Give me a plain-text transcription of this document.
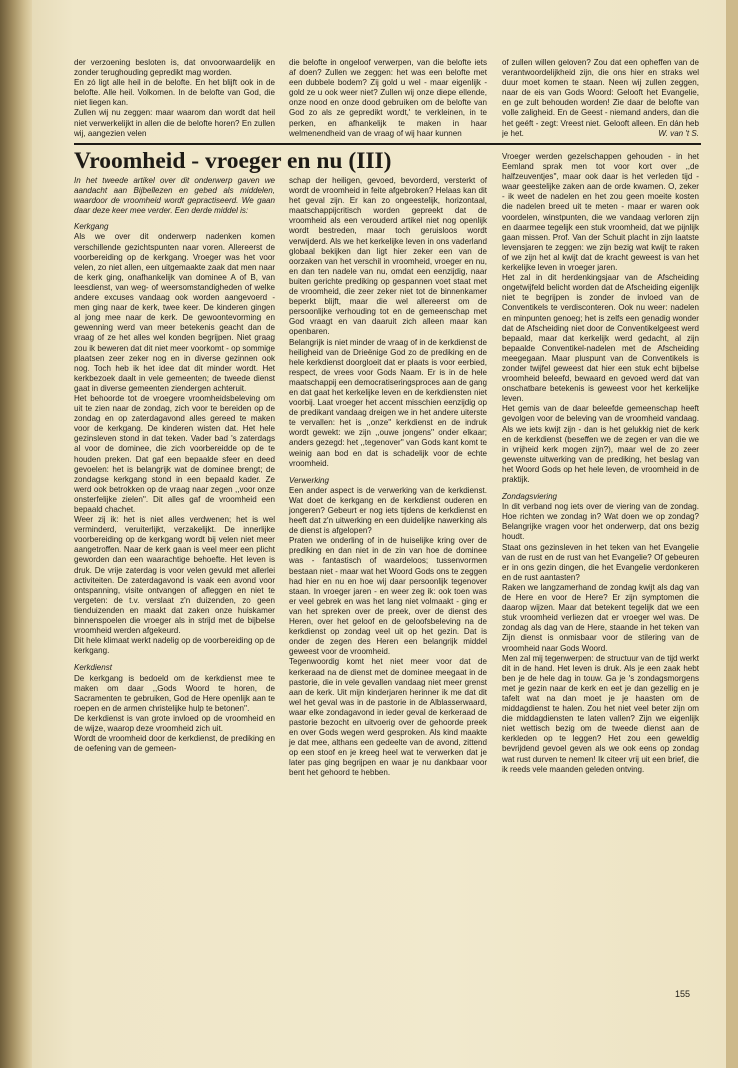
der verzoening besloten is, dat onvoorwaardelijk en zonder terughouding gepredikt mag worden.

En zó ligt alle heil in de belofte. En het blijft ook in de belofte. Alle heil. Volkomen. In de belofte van God, die niet liegen kan.

Zullen wij nu zeggen: maar waarom dan wordt dat heil niet verwerkelijkt in allen die de belofte horen? En zullen wij, aangezien velen

die belofte in ongeloof verwerpen, van die belofte iets af doen? Zullen we zeggen: het was een belofte met een dubbele bodem? Zij gold u wel - maar eigenlijk - gold ze u ook weer niet? Zullen wij onze diepe ellende, onze nood en onze dood gebruiken om de belofte van God zo als ze gepredikt wordt,' te verkleinen, in te perken, en afhankelijk te maken in haar welmenendheid van de vraag of wij haar kunnen

of zullen willen geloven? Zou dat een opheffen van de verantwoordelijkheid zijn, die ons hier en straks wel duur moet komen te staan. Neen wij zullen zeggen, naar de eis van Gods Woord: Gelooft het Evangelie, en ge zult behouden worden! Zie daar de belofte van volle zaligheid. En de Geest - niemand anders, dan die het geéft - zegt: Vreest niet. Gelooft alleen. En dán heb je het.	W. van 't S.

Vroomheid - vroeger en nu (III)

In het tweede artikel over dit onderwerp gaven we aandacht aan Bijbellezen en gebed als middelen, waardoor de vroomheid wordt gepractiseerd. We gaan daar deze keer mee verder. Een derde middel is:

Kerkgang

Als we over dit onderwerp nadenken komen verschillende gezichtspunten naar voren. Allereerst de voorbereiding op de kerkgang. Vroeger was het voor velen, zo niet allen, een uitgemaakte zaak dat men naar de kerk ging, onafhankelijk van dominee A of B, van leesdienst, van weg- of weersomstandigheden of welke andere excuses vandaag ook worden aangevoerd - men ging naar de kerk, twee keer. De kinderen gingen al jong mee naar de kerk. De gewoontevorming en gewenning werd van meer betekenis geacht dan de vraag of ze het alles wel konden begrijpen. Niet graag zou ik beweren dat dit niet meer voorkomt - op sommige plaatsen zeer zeker nog en in diverse gezinnen ook nog. Toch heb ik het idee dat dit minder wordt. Het kerkbezoek daalt in vele gemeenten; de tweede dienst gaat in diverse gemeenten ziendergen achteruit.

Het behoorde tot de vroegere vroomheidsbeleving om uit te zien naar de zondag, zich voor te bereiden op de zondag en op zaterdagavond alles gereed te maken voor de kerkgang. De kinderen wisten dat. Het hele gezinsleven stond in dat teken. Vader bad 's zaterdags al voor de dominee, die zich voorbereidde op de te houden preken. Dat gaf een bepaalde sfeer en deed gevoelen: het is belangrijk wat de dominee brengt; de zondagse kerkgang stond in een bepaald kader. Ze werd ook betrokken op de vraag naar zegen ,,voor onze onsterfelijke zielen''. Dit alles gaf de vroomheid een bepaald chachet.

Weer zij ik: het is niet alles verdwenen; het is wel verminderd, veruiterlijkt, verzakelijkt. De innerlijke voorbereiding op de kerkgang wordt bij velen niet meer aangetroffen. Naar de kerk gaan is veel meer een plicht geworden dan een waarachtige behoefte. Het leven is druk. De vrije zaterdag is voor velen gevuld met allerlei activiteiten. De zaterdagavond is vaak een avond voor ontspanning, visite ontvangen of afleggen en niet te vergeten: de t.v. verslaat z'n duizenden, zo geen tienduizenden en maakt dat zaken onze huiskamer binnenspoelen die vroeger als in strijd met de bijbelse vroomheid werden afgekeurd.

Dit hele klimaat werkt nadelig op de voorbereiding op de kerkgang.

Kerkdienst

De kerkgang is bedoeld om de kerkdienst mee te maken om daar ,,Gods Woord te horen, de Sacramenten te gebruiken, God de Here openlijk aan te roepen en de armen christelijke hulp te betonen''.

De kerkdienst is van grote invloed op de vroomheid en de wijze, waarop deze vroomheid zich uit.

Wordt de vroomheid door de kerkdienst, de prediking en de oefening van de gemeen-

schap der heiligen, gevoed, bevorderd, versterkt of wordt de vroomheid in feite afgebroken? Helaas kan dit het geval zijn. Er kan zo ongeestelijk, horizontaal, maatschappijcritisch worden gepreekt dat de vroomheid als een verouderd artikel niet nog openlijk wordt bestreden, maar toch geruisloos wordt verwijderd. Als we het kerkelijke leven in ons vaderland globaal bekijken dan ligt hier zeker een van de oorzaken van het verschil in vroomheid, vroeger en nu, en dan ten nadele van nu, omdat een eenzijdig, naar buiten gerichte prediking op gespannen voet staat met de vroomheid, die zeer zeker niet tot de binnenkamer beperkt blijft, maar die wel allereerst om de persoonlijke verhouding tot en de gemeenschap met God vraagt en van daaruit zich alleen maar kan openbaren.

Belangrijk is niet minder de vraag of in de kerkdienst de heiligheid van de Drieënige God zo de prediking en de hele kerkdienst doorgloeit dat er plaats is voor eerbied, respect, de vrees voor Gods Naam. Er is in de hele maatschappij een democratiseringsproces aan de gang en dat gaat het kerkelijke leven en de kerkdiensten niet voorbij. Laat vroeger het accent misschien eenzijdig op de predikant vandaag dreigen we in het andere uiterste te vervallen: het is ,,onze'' kerkdienst en de indruk wordt gewekt: we zijn ,,ouwe jongens'' onder elkaar; anders gezegd: het ,,tegenover'' van Gods kant komt te weinig aan bod en dat is schadelijk voor de echte vroomheid.

Verwerking

Een ander aspect is de verwerking van de kerkdienst. Wat doet de kerkgang en de kerkdienst ouderen en jongeren? Gebeurt er nog iets tijdens de kerkdienst en heeft dat z'n uitwerking en een duidelijke nawerking als de dienst is afgelopen?

Praten we onderling of in de huiselijke kring over de prediking en dan niet in de zin van hoe de dominee was - fantastisch of waardeloos; tussenvormen bestaan niet - maar wat het Woord Gods ons te zeggen had hier en nu en hoe wij daar persoonlijk tegenover staan. In vroeger jaren - en weer zeg ik: ook toen was er veel gebrek en was het lang niet volmaakt - ging er van het spreken over de preek, over de dienst des Heren, over het geloof en de geloofsbeleving na de kerkdienst op zondag veel uit op het gezin. Dat is onder de zegen des Heren een belangrijk middel geweest voor de vroomheid.

Tegenwoordig komt het niet meer voor dat de kerkeraad na de dienst met de dominee meegaat in de pastorie, die in vele gevallen vandaag niet meer grenst aan de kerk. Uit mijn kinderjaren herinner ik me dat dit wel het geval was in de pastorie in de Alblasserwaard, waar elke zondagavond in ieder geval de kerkeraad de pastorie bezocht en uitvoerig over de gehoorde preek en over Gods wegen werd gesproken. Als kind maakte je dat mee, althans een gedeelte van de avond, zittend op een stoof en je kreeg heel wat te verwerken dat je later pas ging begrijpen en waar je nu dankbaar voor bent het gehoord te hebben.

Vroeger werden gezelschappen gehouden - in het Eemland sprak men tot voor kort over ,,de halfzeuventjes'', maar ook daar is het verleden tijd - waar geestelijke zaken aan de orde kwamen. O, zeker - ik weet de nadelen en het zou geen moeite kosten die nadelen breed uit te meten - maar er waren ook voordelen, winstpunten, die we vandaag verloren zijn en daarmee tegelijk een stuk vroomheid, dat we pijnlijk gaan missen. Prof. Van der Schuit placht in zijn laatste levensjaren te zeggen: we zijn bezig wat kwijt te raken of we zijn het al kwijt dat de kracht geweest is van het kerkelijke leven in vroeger jaren.

Het zal in dit herdenkingsjaar van de Afscheiding ongetwijfeld belicht worden dat de Afscheiding eigenlijk niet te begrijpen is zonder de invloed van de Conventikels te verdisconteren. Ook nu weer: nadelen en minpunten genoeg; het is zelfs een genadig wonder dat de Afscheiding niet door de Conventikelgeest werd bepaald, maar dat kerkelijk werd gedacht, al zijn bepaalde Conventikel-nadelen met de Afscheiding meegegaan. Maar pluspunt van de Conventikels is zonder twijfel geweest dat hier een stuk echt bijbelse vroomheid beleefd, bewaard en gevoed werd dat van onschatbare betekenis is geweest voor het kerkelijke leven.

Het gemis van de daar beleefde gemeenschap heeft gevolgen voor de beleving van de vroomheid vandaag. Als we iets kwijt zijn - dan is het gelukkig niet de kerk en de kerkdienst (beseffen we de zegen er van die we in vrijheid kerk mogen zijn?), maar wel de zo zeer gewenste uitwerking van de prediking, het beslag van het Woord Gods op het hele leven, de vroomheid in de praktijk.

Zondagsviering

In dit verband nog iets over de viering van de zondag. Hoe richten we zondag in? Wat doen we op zondag? Belangrijke vragen voor het onderwerp, dat ons bezig houdt.

Staat ons gezinsleven in het teken van het Evangelie van de rust en de rust van het Evangelie? Of gebeuren er in ons gezin dingen, die het Evangelie verdonkeren en de rust aantasten?

Raken we langzamerhand de zondag kwijt als dag van de Here en voor de Here? Er zijn symptomen die daarop wijzen. Maar dat betekent tegelijk dat we een stuk vroomheid verliezen dat er vroeger wel was. De zondag als dag van de Here, staande in het teken van Zijn dienst is onmisbaar voor de stilering van de vroomheid naar Gods Woord.

Men zal mij tegenwerpen: de structuur van de tijd werkt dit in de hand. Het leven is druk. Als je een zaak hebt ben je de hele dag in touw. Ga je 's zondagsmorgens met je gezin naar de kerk en eet je dan gezellig en je tafelt wat na dan moet je je haasten om de middagdienst te halen. Zou het niet veel beter zijn om die middagdiensten te laten vallen? Zijn we eigenlijk niet wettisch bezig om de tweede dienst aan de kerkleden op te leggen? Het zou een geweldig bevrijdend gevoel geven als we ook eens op zondag wat rust durven te nemen! Ik citeer vrij uit een brief, die ik reeds vele maanden geleden ontving.

155
